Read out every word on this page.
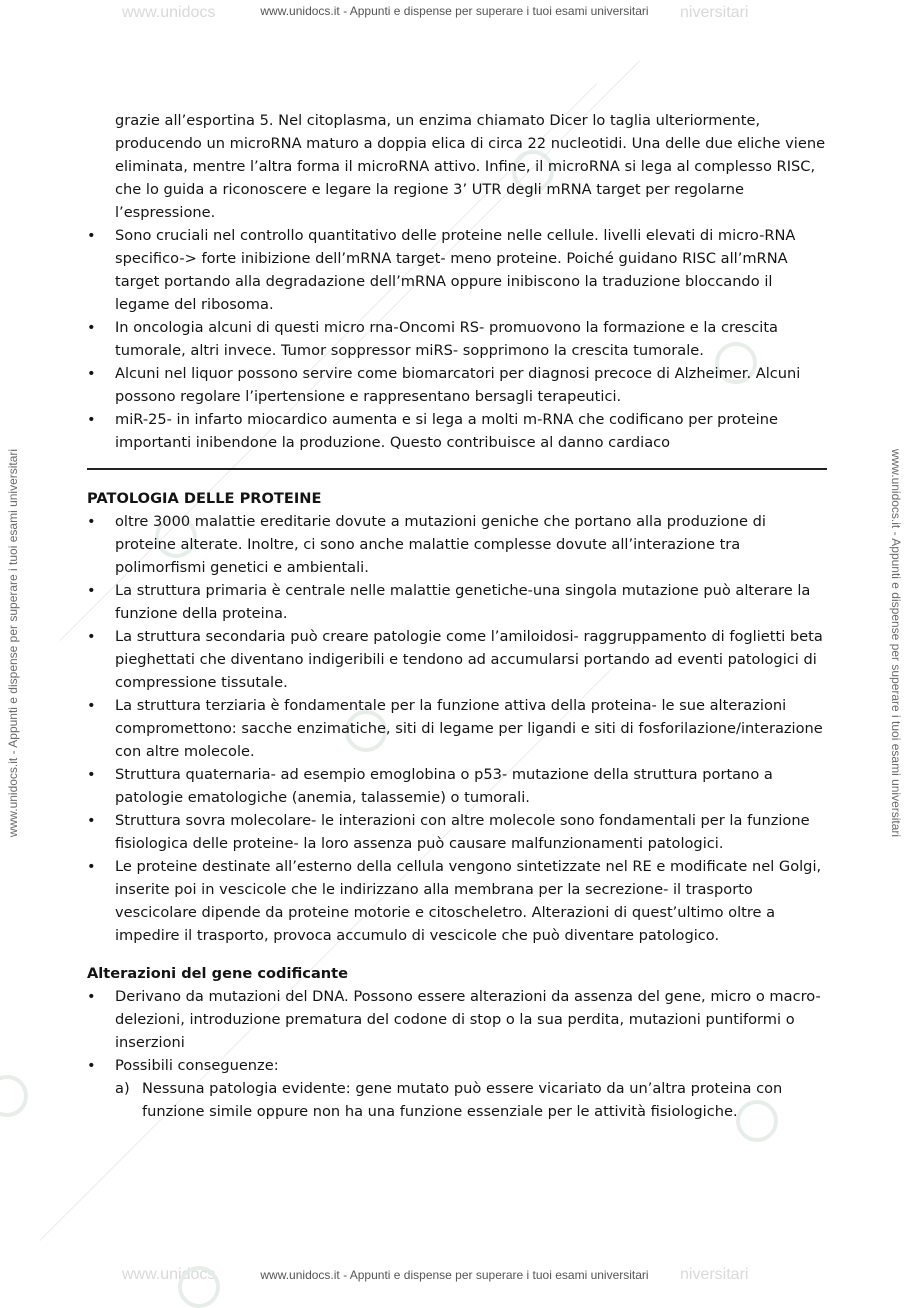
www.unidocs	niversitari
www.unidocs.it - Appunti e dispense per superare i tuoi esami universitari
www.unidocs	niversitari
www.unidocs.it - Appunti e dispense per superare i tuoi esami universitari
www.unidocs.it - Appunti e dispense per superare i tuoi esami universitari	www.unidocs.it - Appunti e dispense per superare i tuoi esami universitari

grazie all’esportina 5. Nel citoplasma, un enzima chiamato Dicer lo taglia ulteriormente, producendo un microRNA maturo a doppia elica di circa 22 nucleotidi. Una delle due eliche viene eliminata, mentre l’altra forma il microRNA attivo. Infine, il microRNA si lega al complesso RISC, che lo guida a riconoscere e legare la regione 3’ UTR degli mRNA target per regolarne l’espressione.

• Sono cruciali nel controllo quantitativo delle proteine nelle cellule. livelli elevati di micro-RNA specifico-> forte inibizione dell’mRNA target- meno proteine. Poiché guidano RISC all’mRNA target portando alla degradazione dell’mRNA oppure inibiscono la traduzione bloccando il legame del ribosoma.
• In oncologia alcuni di questi micro rna-Oncomi RS- promuovono la formazione e la crescita tumorale, altri invece. Tumor soppressor miRS- sopprimono la crescita tumorale.
• Alcuni nel liquor possono servire come biomarcatori per diagnosi precoce di Alzheimer. Alcuni possono regolare l’ipertensione e rappresentano bersagli terapeutici.
• miR-25- in infarto miocardico aumenta e si lega a molti m-RNA che codificano per proteine importanti inibendone la produzione. Questo contribuisce al danno cardiaco
PATOLOGIA DELLE PROTEINE
• oltre 3000 malattie ereditarie dovute a mutazioni geniche che portano alla produzione di proteine alterate. Inoltre, ci sono anche malattie complesse dovute all’interazione tra polimorfismi genetici e ambientali.
• La struttura primaria è centrale nelle malattie genetiche-una singola mutazione può alterare la funzione della proteina.
• La struttura secondaria può creare patologie come l’amiloidosi- raggruppamento di foglietti beta pieghettati che diventano indigeribili e tendono ad accumularsi portando ad eventi patologici di compressione tissutale.
• La struttura terziaria è fondamentale per la funzione attiva della proteina- le sue alterazioni compromettono: sacche enzimatiche, siti di legame per ligandi e siti di fosforilazione/interazione con altre molecole.
• Struttura quaternaria- ad esempio emoglobina o p53- mutazione della struttura portano a patologie ematologiche (anemia, talassemie) o tumorali.
• Struttura sovra molecolare- le interazioni con altre molecole sono fondamentali per la funzione fisiologica delle proteine- la loro assenza può causare malfunzionamenti patologici.
• Le proteine destinate all’esterno della cellula vengono sintetizzate nel RE e modificate nel Golgi, inserite poi in vescicole che le indirizzano alla membrana per la secrezione- il trasporto vescicolare dipende da proteine motorie e citoscheletro. Alterazioni di quest’ultimo oltre a impedire il trasporto, provoca accumulo di vescicole che può diventare patologico.
Alterazioni del gene codificante
• Derivano da mutazioni del DNA. Possono essere alterazioni da assenza del gene, micro o macro-delezioni, introduzione prematura del codone di stop o la sua perdita, mutazioni puntiformi o inserzioni
• Possibili conseguenze:
a) Nessuna patologia evidente: gene mutato può essere vicariato da un’altra proteina con funzione simile oppure non ha una funzione essenziale per le attività fisiologiche.
